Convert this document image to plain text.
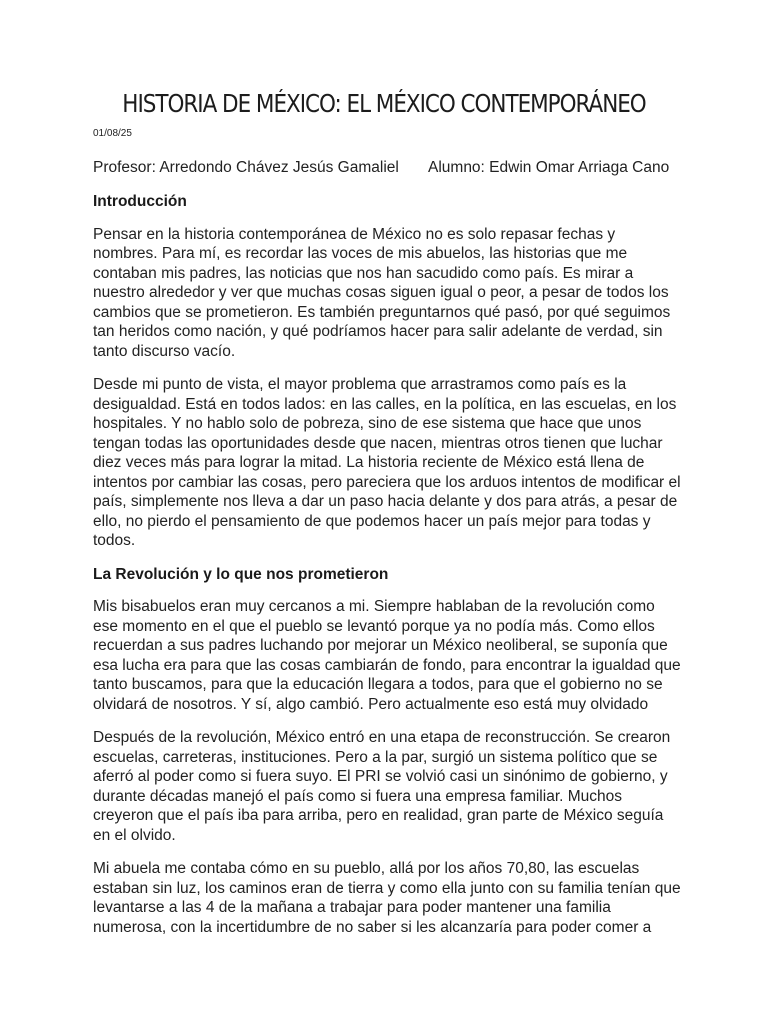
HISTORIA DE MÉXICO: EL MÉXICO CONTEMPORÁNEO
01/08/25
Profesor: Arredondo Chávez Jesús Gamaliel Alumno: Edwin Omar Arriaga Cano
Introducción

Pensar en la historia contemporánea de México no es solo repasar fechas y nombres. Para mí, es recordar las voces de mis abuelos, las historias que me contaban mis padres, las noticias que nos han sacudido como país. Es mirar a nuestro alrededor y ver que muchas cosas siguen igual o peor, a pesar de todos los cambios que se prometieron. Es también preguntarnos qué pasó, por qué seguimos tan heridos como nación, y qué podríamos hacer para salir adelante de verdad, sin tanto discurso vacío.

Desde mi punto de vista, el mayor problema que arrastramos como país es la desigualdad. Está en todos lados: en las calles, en la política, en las escuelas, en los hospitales. Y no hablo solo de pobreza, sino de ese sistema que hace que unos tengan todas las oportunidades desde que nacen, mientras otros tienen que luchar diez veces más para lograr la mitad. La historia reciente de México está llena de intentos por cambiar las cosas, pero pareciera que los arduos intentos de modificar el país, simplemente nos lleva a dar un paso hacia delante y dos para atrás, a pesar de ello, no pierdo el pensamiento de que podemos hacer un país mejor para todas y todos.

La Revolución y lo que nos prometieron

Mis bisabuelos eran muy cercanos a mi. Siempre hablaban de la revolución como ese momento en el que el pueblo se levantó porque ya no podía más. Como ellos recuerdan a sus padres luchando por mejorar un México neoliberal, se suponía que esa lucha era para que las cosas cambiarán de fondo, para encontrar la igualdad que tanto buscamos, para que la educación llegara a todos, para que el gobierno no se olvidará de nosotros. Y sí, algo cambió. Pero actualmente eso está muy olvidado

Después de la revolución, México entró en una etapa de reconstrucción. Se crearon escuelas, carreteras, instituciones. Pero a la par, surgió un sistema político que se aferró al poder como si fuera suyo. El PRI se volvió casi un sinónimo de gobierno, y durante décadas manejó el país como si fuera una empresa familiar. Muchos creyeron que el país iba para arriba, pero en realidad, gran parte de México seguía en el olvido.

Mi abuela me contaba cómo en su pueblo, allá por los años 70,80, las escuelas estaban sin luz, los caminos eran de tierra y como ella junto con su familia tenían que levantarse a las 4 de la mañana a trabajar para poder mantener una familia numerosa, con la incertidumbre de no saber si les alcanzaría para poder comer a
